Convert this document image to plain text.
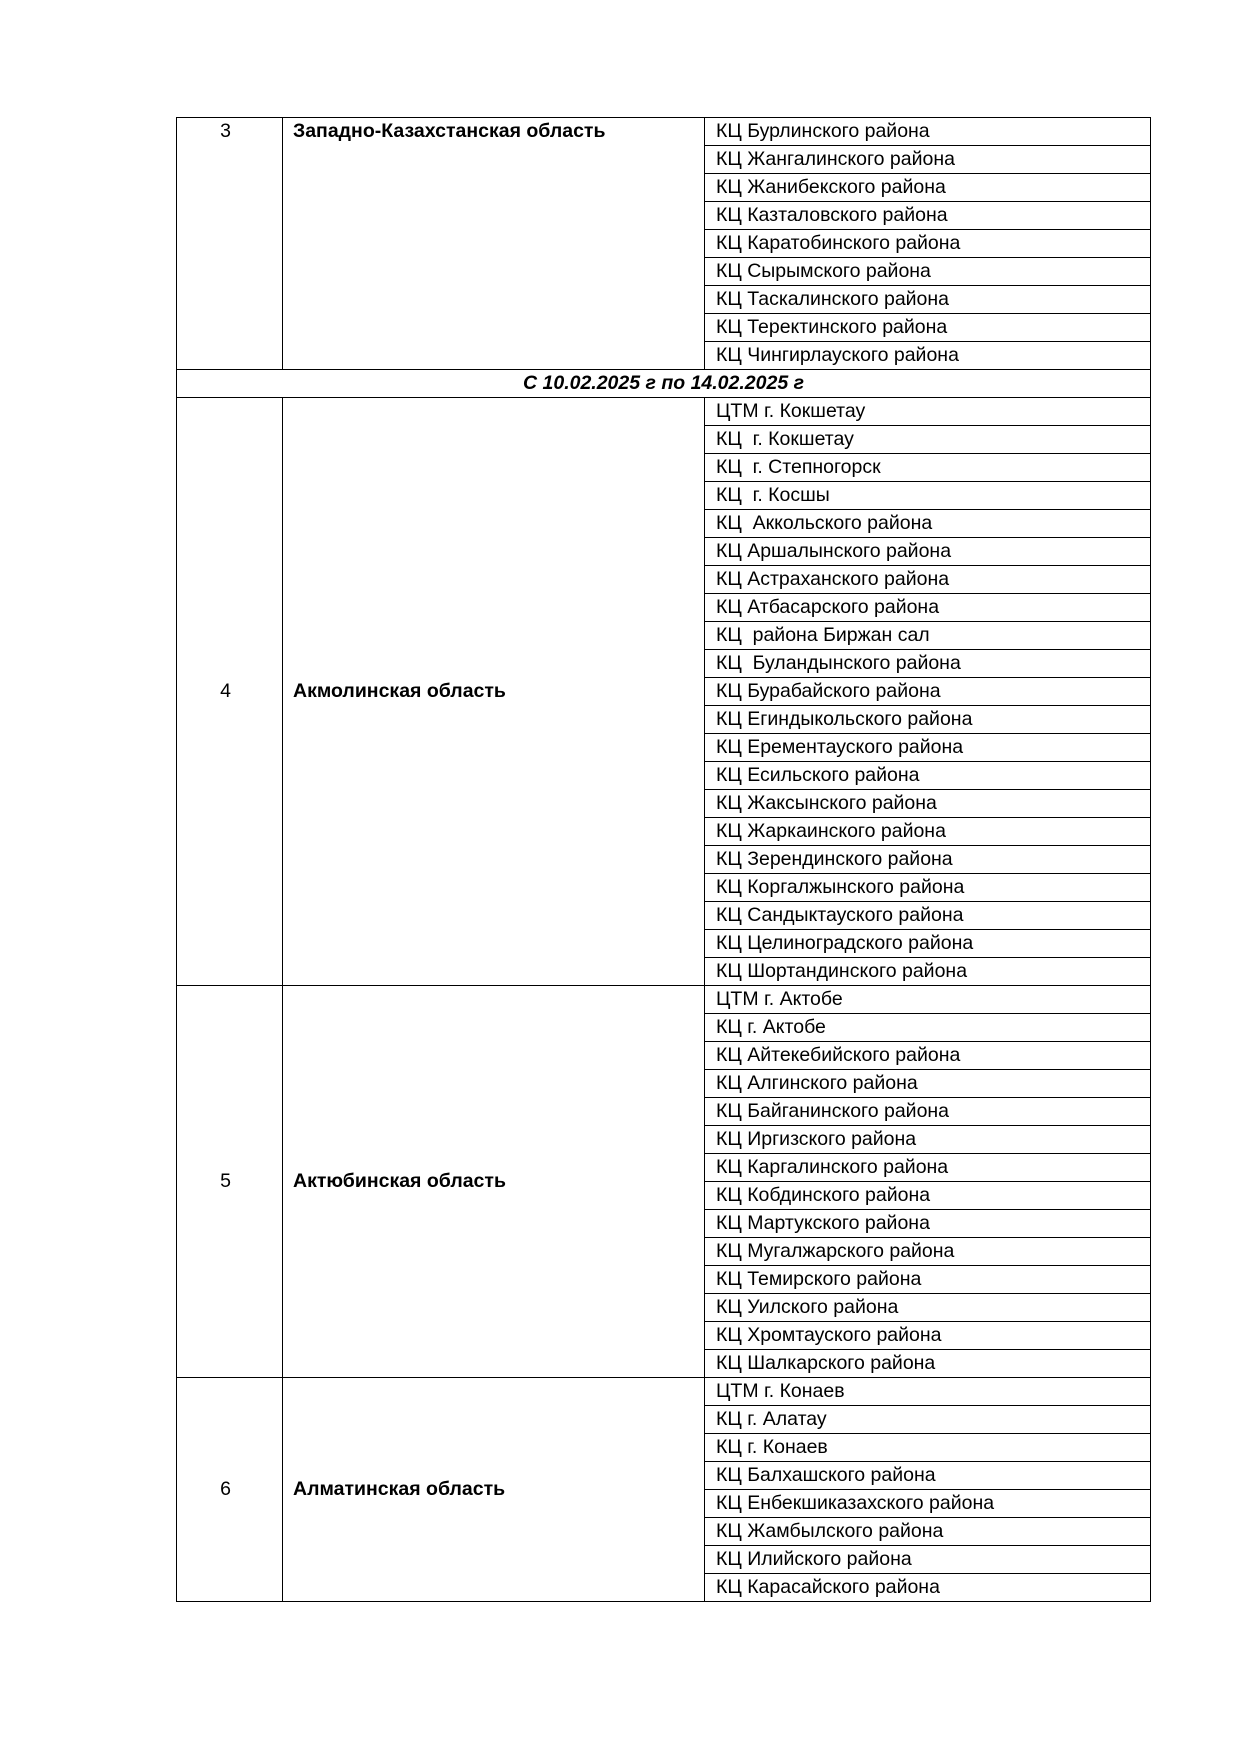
3	Западно-Казахстанская область	КЦ Бурлинского района
		КЦ Жангалинского района
		КЦ Жанибекского района
		КЦ Казталовского района
		КЦ Каратобинского района
		КЦ Сырымского района
		КЦ Таскалинского района
		КЦ Теректинского района
		КЦ Чингирлауского района
С 10.02.2025 г по 14.02.2025 г		
4	Акмолинская область	ЦТМ г. Кокшетау
		КЦ  г. Кокшетау
		КЦ  г. Степногорск
		КЦ  г. Косшы
		КЦ  Аккольского района
		КЦ Аршалынского района
		КЦ Астраханского района
		КЦ Атбасарского района
		КЦ  района Биржан сал
		КЦ  Буландынского района
		КЦ Бурабайского района
		КЦ Егиндыкольского района
		КЦ Ерементауского района
		КЦ Есильского района
		КЦ Жаксынского района
		КЦ Жаркаинского района
		КЦ Зерендинского района
		КЦ Коргалжынского района
		КЦ Сандыктауского района
		КЦ Целиноградского района
		КЦ Шортандинского района
5	Актюбинская область	ЦТМ г. Актобе
		КЦ г. Актобе
		КЦ Айтекебийского района
		КЦ Алгинского района
		КЦ Байганинского района
		КЦ Иргизского района
		КЦ Каргалинского района
		КЦ Кобдинского района
		КЦ Мартукского района
		КЦ Мугалжарского района
		КЦ Темирского района
		КЦ Уилского района
		КЦ Хромтауского района
		КЦ Шалкарского района
6	Алматинская область	ЦТМ г. Конаев
		КЦ г. Алатау
		КЦ г. Конаев
		КЦ Балхашского района
		КЦ Енбекшиказахского района
		КЦ Жамбылского района
		КЦ Илийского района
		КЦ Карасайского района
